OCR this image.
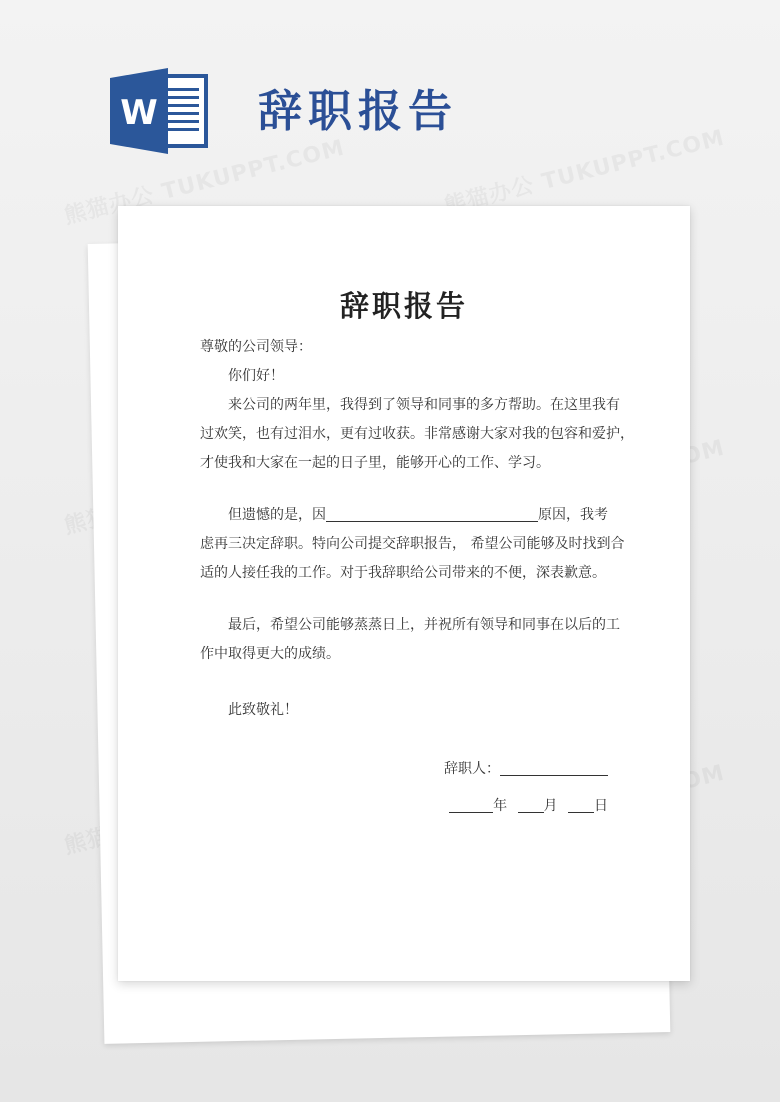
W 辞职报告
辞职报告
尊敬的公司领导：
你们好！
来公司的两年里，我得到了领导和同事的多方帮助。在这里我有
过欢笑，也有过泪水，更有过收获。非常感谢大家对我的包容和爱护，
才使我和大家在一起的日子里，能够开心的工作、学习。
但遗憾的是，因	原因，我考
虑再三决定辞职。特向公司提交辞职报告， 希望公司能够及时找到合
适的人接任我的工作。对于我辞职给公司带来的不便，深表歉意。
最后，希望公司能够蒸蒸日上，并祝所有领导和同事在以后的工
作中取得更大的成绩。
此致敬礼！
辞职人：
年	月	日
